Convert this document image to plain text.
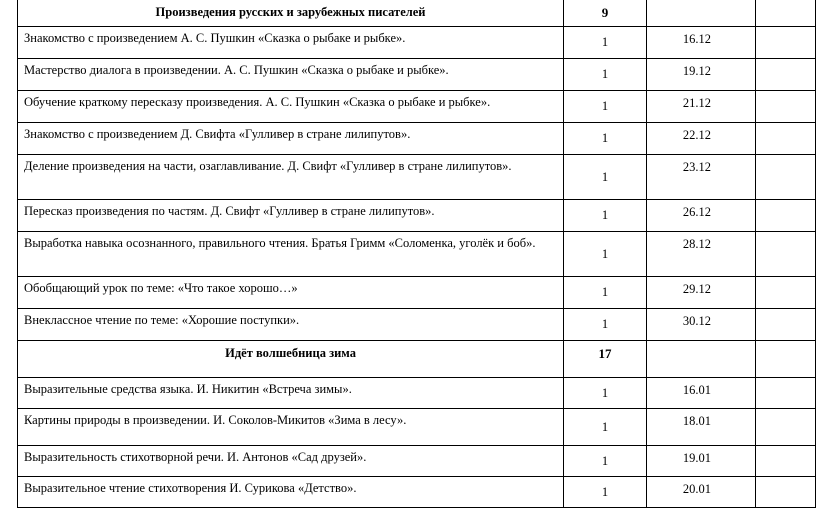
Произведения русских и зарубежных писателей	9		
Знакомство с произведением А. С. Пушкин «Сказка о рыбаке и рыбке».	1	16.12	
Мастерство диалога в произведении. А. С. Пушкин «Сказка о рыбаке и рыбке».	1	19.12	
Обучение краткому пересказу произведения. А. С. Пушкин «Сказка о рыбаке и рыбке».	1	21.12	
Знакомство с произведением Д. Свифта «Гулливер в стране лилипутов».	1	22.12	
Деление произведения на части, озаглавливание. Д. Свифт «Гулливер в стране лилипутов».	1	23.12	
Пересказ произведения по частям. Д. Свифт «Гулливер в стране лилипутов».	1	26.12	
Выработка навыка осознанного, правильного чтения. Братья Гримм «Соломенка, уголёк и боб».	1	28.12	
Обобщающий урок по теме: «Что такое хорошо…»	1	29.12	
Внеклассное чтение по теме: «Хорошие поступки».	1	30.12	
Идёт волшебница зима	17		
Выразительные средства языка. И. Никитин «Встреча зимы».	1	16.01	
Картины природы в произведении. И. Соколов-Микитов «Зима в лесу».	1	18.01	
Выразительность стихотворной речи. И. Антонов «Сад друзей».	1	19.01	
Выразительное чтение стихотворения И. Сурикова «Детство».	1	20.01	
